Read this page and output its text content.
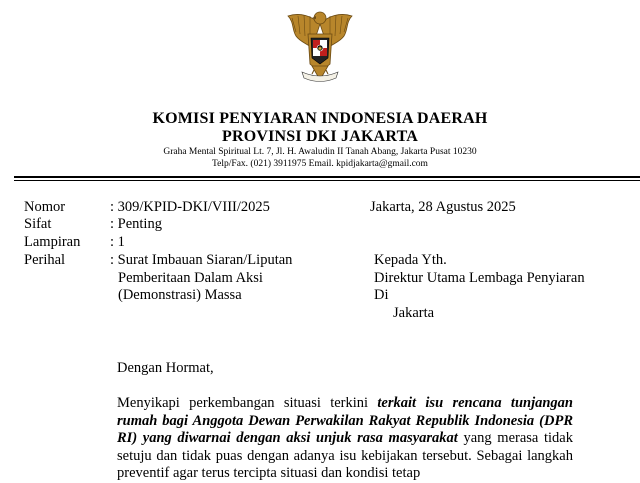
KOMISI PENYIARAN INDONESIA DAERAH
PROVINSI DKI JAKARTA
Graha Mental Spiritual Lt. 7, Jl. H. Awaludin II Tanah Abang, Jakarta Pusat 10230
Telp/Fax. (021) 3911975 Email. kpidjakarta@gmail.com
Nomor	: 309/KPID-DKI/VIII/2025	Jakarta, 28 Agustus 2025
Sifat	: Penting
Lampiran : 1
Perihal	: Surat Imbauan Siaran/Liputan
Pemberitaan Dalam Aksi
(Demonstrasi) Massa
Kepada Yth.
Direktur Utama Lembaga Penyiaran
Di
Jakarta
Dengan Hormat,
Menyikapi perkembangan situasi terkini terkait isu rencana tunjangan rumah bagi Anggota Dewan Perwakilan Rakyat Republik Indonesia (DPR RI) yang diwarnai dengan aksi unjuk rasa masyarakat yang merasa tidak setuju dan tidak puas dengan adanya isu kebijakan tersebut. Sebagai langkah preventif agar terus tercipta situasi dan kondisi tetap
